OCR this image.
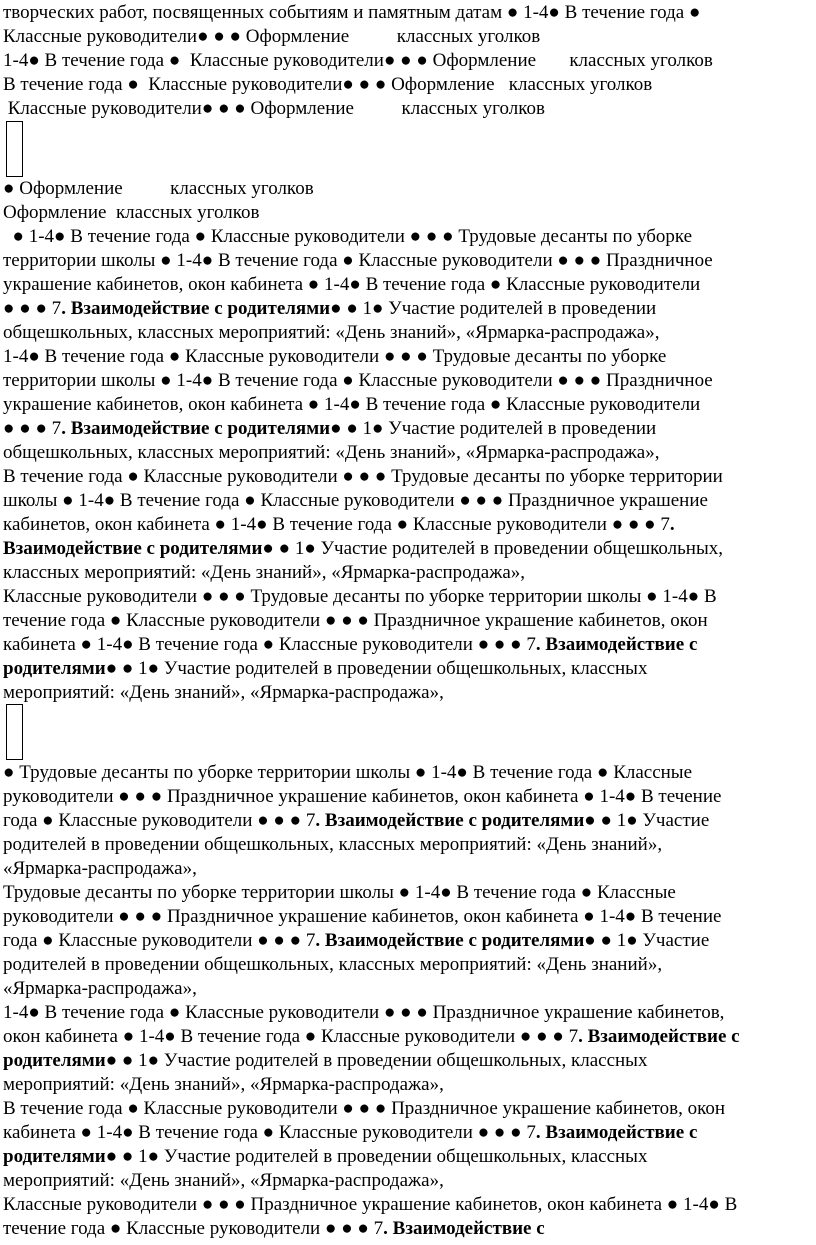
творческих работ, посвященных событиям и памятным датам ● 1-4● В течение года ●
Классные руководители● ● ● Оформление          классных уголков
1-4● В течение года ●  Классные руководители● ● ● Оформление       классных уголков
В течение года ●  Классные руководители● ● ● Оформление   классных уголков
Классные руководители● ● ● Оформление          классных уголков
● Оформление          классных уголков
Оформление  классных уголков
● 1-4● В течение года ● Классные руководители ● ● ● Трудовые десанты по уборке
территории школы ● 1-4● В течение года ● Классные руководители ● ● ● Праздничное
украшение кабинетов, окон кабинета ● 1-4● В течение года ● Классные руководители
● ● ● 7. Взаимодействие с родителями● ● 1● Участие родителей в проведении
общешкольных, классных мероприятий: «День знаний», «Ярмарка-распродажа»,
1-4● В течение года ● Классные руководители ● ● ● Трудовые десанты по уборке
территории школы ● 1-4● В течение года ● Классные руководители ● ● ● Праздничное
украшение кабинетов, окон кабинета ● 1-4● В течение года ● Классные руководители
● ● ● 7. Взаимодействие с родителями● ● 1● Участие родителей в проведении
общешкольных, классных мероприятий: «День знаний», «Ярмарка-распродажа»,
В течение года ● Классные руководители ● ● ● Трудовые десанты по уборке территории
школы ● 1-4● В течение года ● Классные руководители ● ● ● Праздничное украшение
кабинетов, окон кабинета ● 1-4● В течение года ● Классные руководители ● ● ● 7.
Взаимодействие с родителями● ● 1● Участие родителей в проведении общешкольных,
классных мероприятий: «День знаний», «Ярмарка-распродажа»,
Классные руководители ● ● ● Трудовые десанты по уборке территории школы ● 1-4● В
течение года ● Классные руководители ● ● ● Праздничное украшение кабинетов, окон
кабинета ● 1-4● В течение года ● Классные руководители ● ● ● 7. Взаимодействие с
родителями● ● 1● Участие родителей в проведении общешкольных, классных
мероприятий: «День знаний», «Ярмарка-распродажа»,
● Трудовые десанты по уборке территории школы ● 1-4● В течение года ● Классные
руководители ● ● ● Праздничное украшение кабинетов, окон кабинета ● 1-4● В течение
года ● Классные руководители ● ● ● 7. Взаимодействие с родителями● ● 1● Участие
родителей в проведении общешкольных, классных мероприятий: «День знаний»,
«Ярмарка-распродажа»,
Трудовые десанты по уборке территории школы ● 1-4● В течение года ● Классные
руководители ● ● ● Праздничное украшение кабинетов, окон кабинета ● 1-4● В течение
года ● Классные руководители ● ● ● 7. Взаимодействие с родителями● ● 1● Участие
родителей в проведении общешкольных, классных мероприятий: «День знаний»,
«Ярмарка-распродажа»,
1-4● В течение года ● Классные руководители ● ● ● Праздничное украшение кабинетов,
окон кабинета ● 1-4● В течение года ● Классные руководители ● ● ● 7. Взаимодействие с
родителями● ● 1● Участие родителей в проведении общешкольных, классных
мероприятий: «День знаний», «Ярмарка-распродажа»,
В течение года ● Классные руководители ● ● ● Праздничное украшение кабинетов, окон
кабинета ● 1-4● В течение года ● Классные руководители ● ● ● 7. Взаимодействие с
родителями● ● 1● Участие родителей в проведении общешкольных, классных
мероприятий: «День знаний», «Ярмарка-распродажа»,
Классные руководители ● ● ● Праздничное украшение кабинетов, окон кабинета ● 1-4● В
течение года ● Классные руководители ● ● ● 7. Взаимодействие с
